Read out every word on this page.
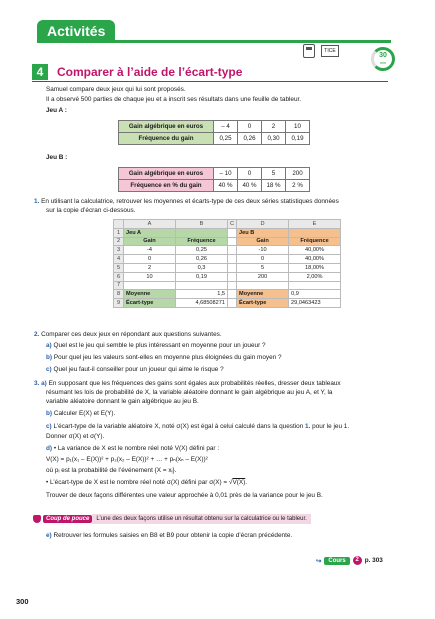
Activités
TICE
30
min
4	Comparer à l’aide de l’écart-type
Samuel compare deux jeux qui lui sont proposés.
Il a observé 500 parties de chaque jeu et a inscrit ses résultats dans une feuille de tableur.
Jeu A :
Gain algébrique en euros	– 4	0	2	10
Fréquence du gain	0,25	0,26	0,30	0,19
Jeu B :
Gain algébrique en euros	– 10	0	5	200
Fréquence en % du gain	40 %	40 %	18 %	2 %
1. En utilisant la calculatrice, retrouver les moyennes et écarts-type de ces deux séries statistiques données
sur la copie d’écran ci-dessous.
	A	B	C	D	E
1	Jeu A			Jeu B	
2	Gain	Fréquence		Gain	Fréquence
3	-4	0,25		-10	40,00%
4	0	0,26		0	40,00%
5	2	0,3		5	18,00%
6	10	0,19		200	2,00%
7					
8	Moyenne	1,5		Moyenne	0,9
9	Écart-type	4,68508271		Écart-type	29,0463423
2. Comparer ces deux jeux en répondant aux questions suivantes.
a) Quel est le jeu qui semble le plus intéressant en moyenne pour un joueur ?
b) Pour quel jeu les valeurs sont-elles en moyenne plus éloignées du gain moyen ?
c) Quel jeu faut-il conseiller pour un joueur qui aime le risque ?
3. a) En supposant que les fréquences des gains sont égales aux probabilités réelles, dresser deux tableaux
résumant les lois de probabilité de X, la variable aléatoire donnant le gain algébrique au jeu A, et Y, la
variable aléatoire donnant le gain algébrique au jeu B.
b) Calculer E(X) et E(Y).
c) L’écart-type de la variable aléatoire X, noté σ(X) est égal à celui calculé dans la question 1. pour le jeu 1.
Donner σ(X) et σ(Y).
d) • La variance de X est le nombre réel noté V(X) défini par :
V(X) = p₁(x₁ – E(X))² + p₂(x₂ – E(X))² + … + pₙ(xₙ – E(X))²
où pᵢ est la probabilité de l’événement {X = xᵢ}.
• L’écart-type de X est le nombre réel noté σ(X) défini par σ(X) = √V(X).
Trouver de deux façons différentes une valeur approchée à 0,01 près de la variance pour le jeu B.
Coup de pouce	L’une des deux façons utilise un résultat obtenu sur la calculatrice ou le tableur.
e) Retrouver les formules saisies en B8 et B9 pour obtenir la copie d’écran précédente.
↪	Cours	2 p. 303
300
